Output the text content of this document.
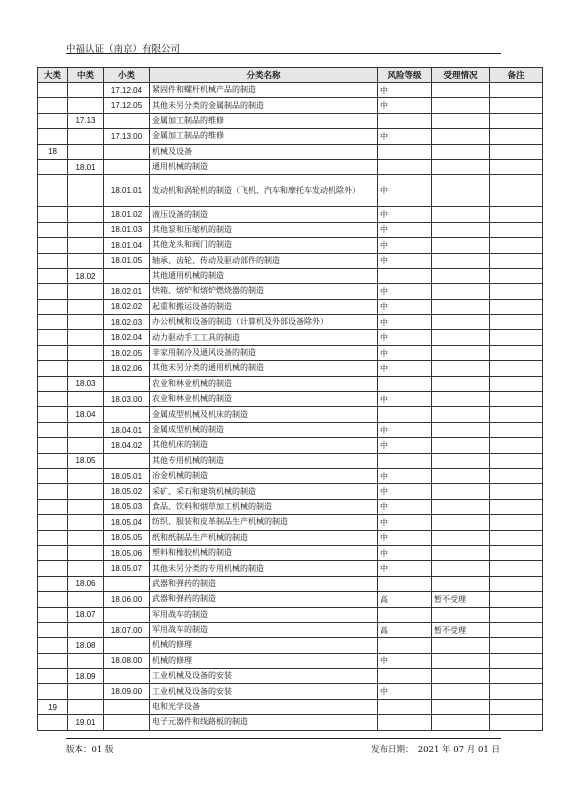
中福认证（南京）有限公司
大类	中类	小类	分类名称	风险等级	受理情况	备注
		17.12.04	紧固件和螺杆机械产品的制造	中		
		17.12.05	其他未另分类的金属制品的制造	中		
	17.13		金属加工制品的维修			
		17.13.00	金属加工制品的维修	中		
18			机械及设备			
	18.01		通用机械的制造			
		18.01.01	发动机和涡轮机的制造（飞机、汽车和摩托车发动机除外）	中		
		18.01.02	液压设备的制造	中		
		18.01.03	其他泵和压缩机的制造	中		
		18.01.04	其他龙头和阀门的制造	中		
		18.01.05	轴承、齿轮、传动及驱动部件的制造	中		
	18.02		其他通用机械的制造			
		18.02.01	烘箱、熔炉和熔炉燃烧器的制造	中		
		18.02.02	起重和搬运设备的制造	中		
		18.02.03	办公机械和设备的制造（计算机及外部设备除外）	中		
		18.02.04	动力驱动手工工具的制造	中		
		18.02.05	非家用制冷及通风设备的制造	中		
		18.02.06	其他未另分类的通用机械的制造	中		
	18.03		农业和林业机械的制造			
		18.03.00	农业和林业机械的制造	中		
	18.04		金属成型机械及机床的制造			
		18.04.01	金属成型机械的制造	中		
		18.04.02	其他机床的制造	中		
	18.05		其他专用机械的制造			
		18.05.01	冶金机械的制造	中		
		18.05.02	采矿、采石和建筑机械的制造	中		
		18.05.03	食品、饮料和烟草加工机械的制造	中		
		18.05.04	纺织、服装和皮革制品生产机械的制造	中		
		18.05.05	纸和纸制品生产机械的制造	中		
		18.05.06	塑料和橡胶机械的制造	中		
		18.05.07	其他未另分类的专用机械的制造	中		
	18.06		武器和弹药的制造			
		18.06.00	武器和弹药的制造	高	暂不受理	
	18.07		军用战车的制造			
		18.07.00	军用战车的制造	高	暂不受理	
	18.08		机械的修理			
		18.08.00	机械的修理	中		
	18.09		工业机械及设备的安装			
		18.09.00	工业机械及设备的安装	中		
19			电和光学设备			
	19.01		电子元器件和线路板的制造			
版本：01 版	发布日期：　2021 年 07 月 01 日
